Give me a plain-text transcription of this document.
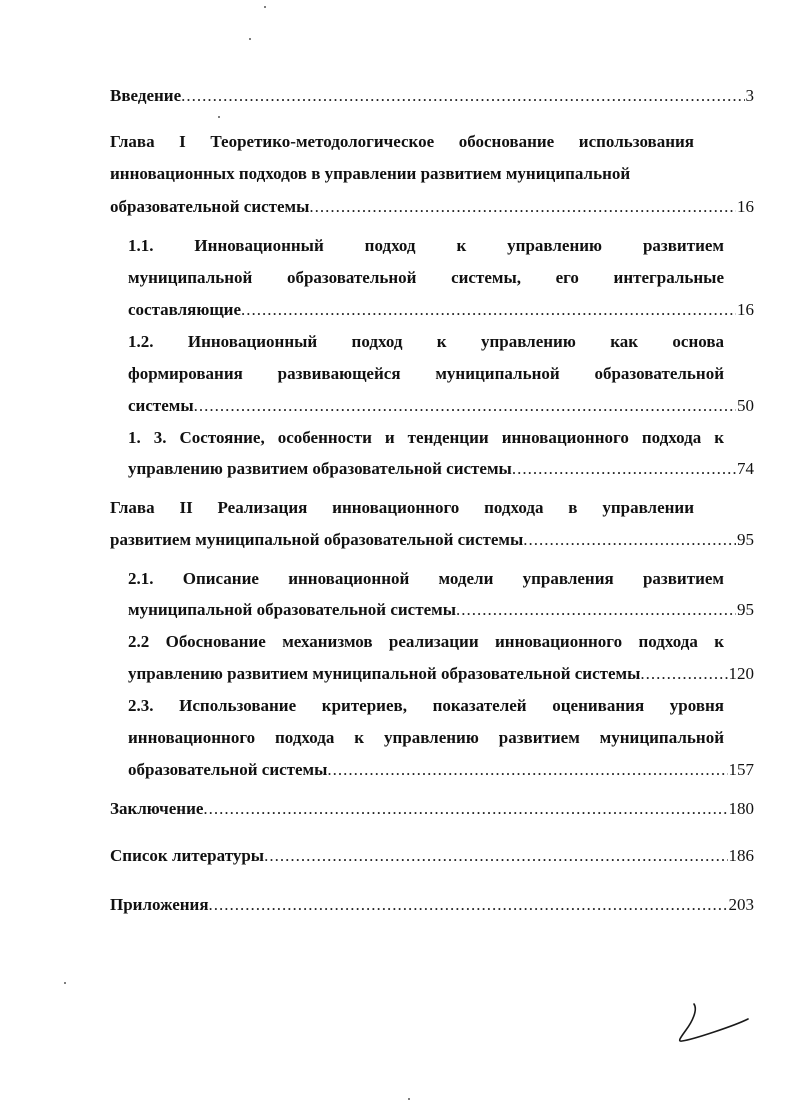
Введение .....	3
Глава I Теоретико-методологическое обоснование использования
инновационных подходов в управлении развитием муниципальной
образовательной системы .....	16
1.1. Инновационный подход к управлению развитием
муниципальной образовательной системы, его интегральные
составляющие .....	16
1.2. Инновационный подход к управлению как основа
формирования развивающейся муниципальной образовательной
системы .....	50
1. 3. Состояние, особенности и тенденции инновационного подхода к
управлению развитием образовательной системы .....	74
Глава II Реализация инновационного подхода в управлении
развитием муниципальной образовательной системы .....	95
2.1. Описание инновационной модели управления развитием
муниципальной образовательной системы .....	95
2.2 Обоснование механизмов реализации инновационного подхода к
управлению развитием муниципальной образовательной системы .....	120
2.3. Использование критериев, показателей оценивания уровня
инновационного подхода к управлению развитием муниципальной
образовательной системы .....	157
Заключение .....	180
Список литературы .....	186
Приложения .....	203
